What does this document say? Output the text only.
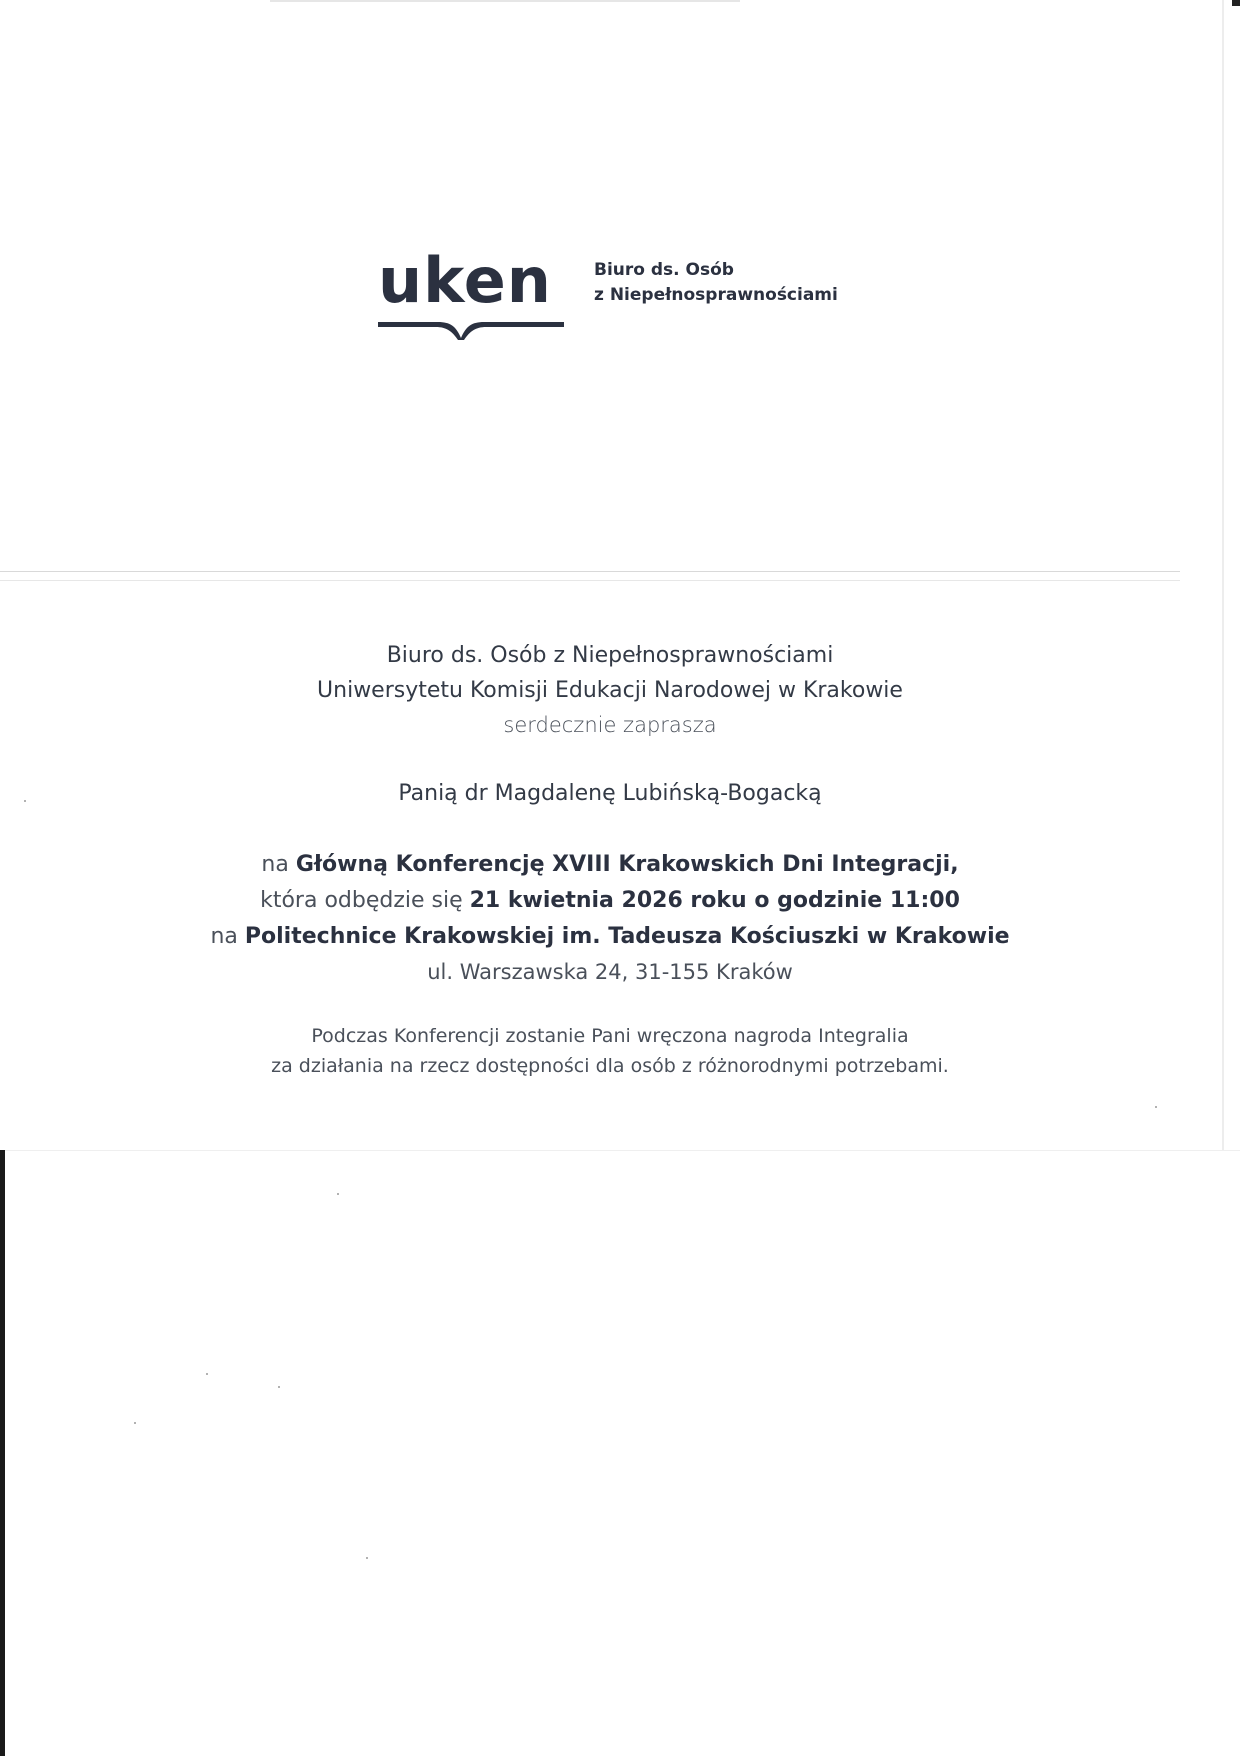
uken Biuro ds. Osób
z Niepełnosprawnościami
Biuro ds. Osób z Niepełnosprawnościami
Uniwersytetu Komisji Edukacji Narodowej w Krakowie
serdecznie zaprasza
Panią dr Magdalenę Lubińską-Bogacką
na Główną Konferencję XVIII Krakowskich Dni Integracji,
która odbędzie się 21 kwietnia 2026 roku o godzinie 11:00
na Politechnice Krakowskiej im. Tadeusza Kościuszki w Krakowie
ul. Warszawska 24, 31-155 Kraków
Podczas Konferencji zostanie Pani wręczona nagroda Integralia
za działania na rzecz dostępności dla osób z różnorodnymi potrzebami.
